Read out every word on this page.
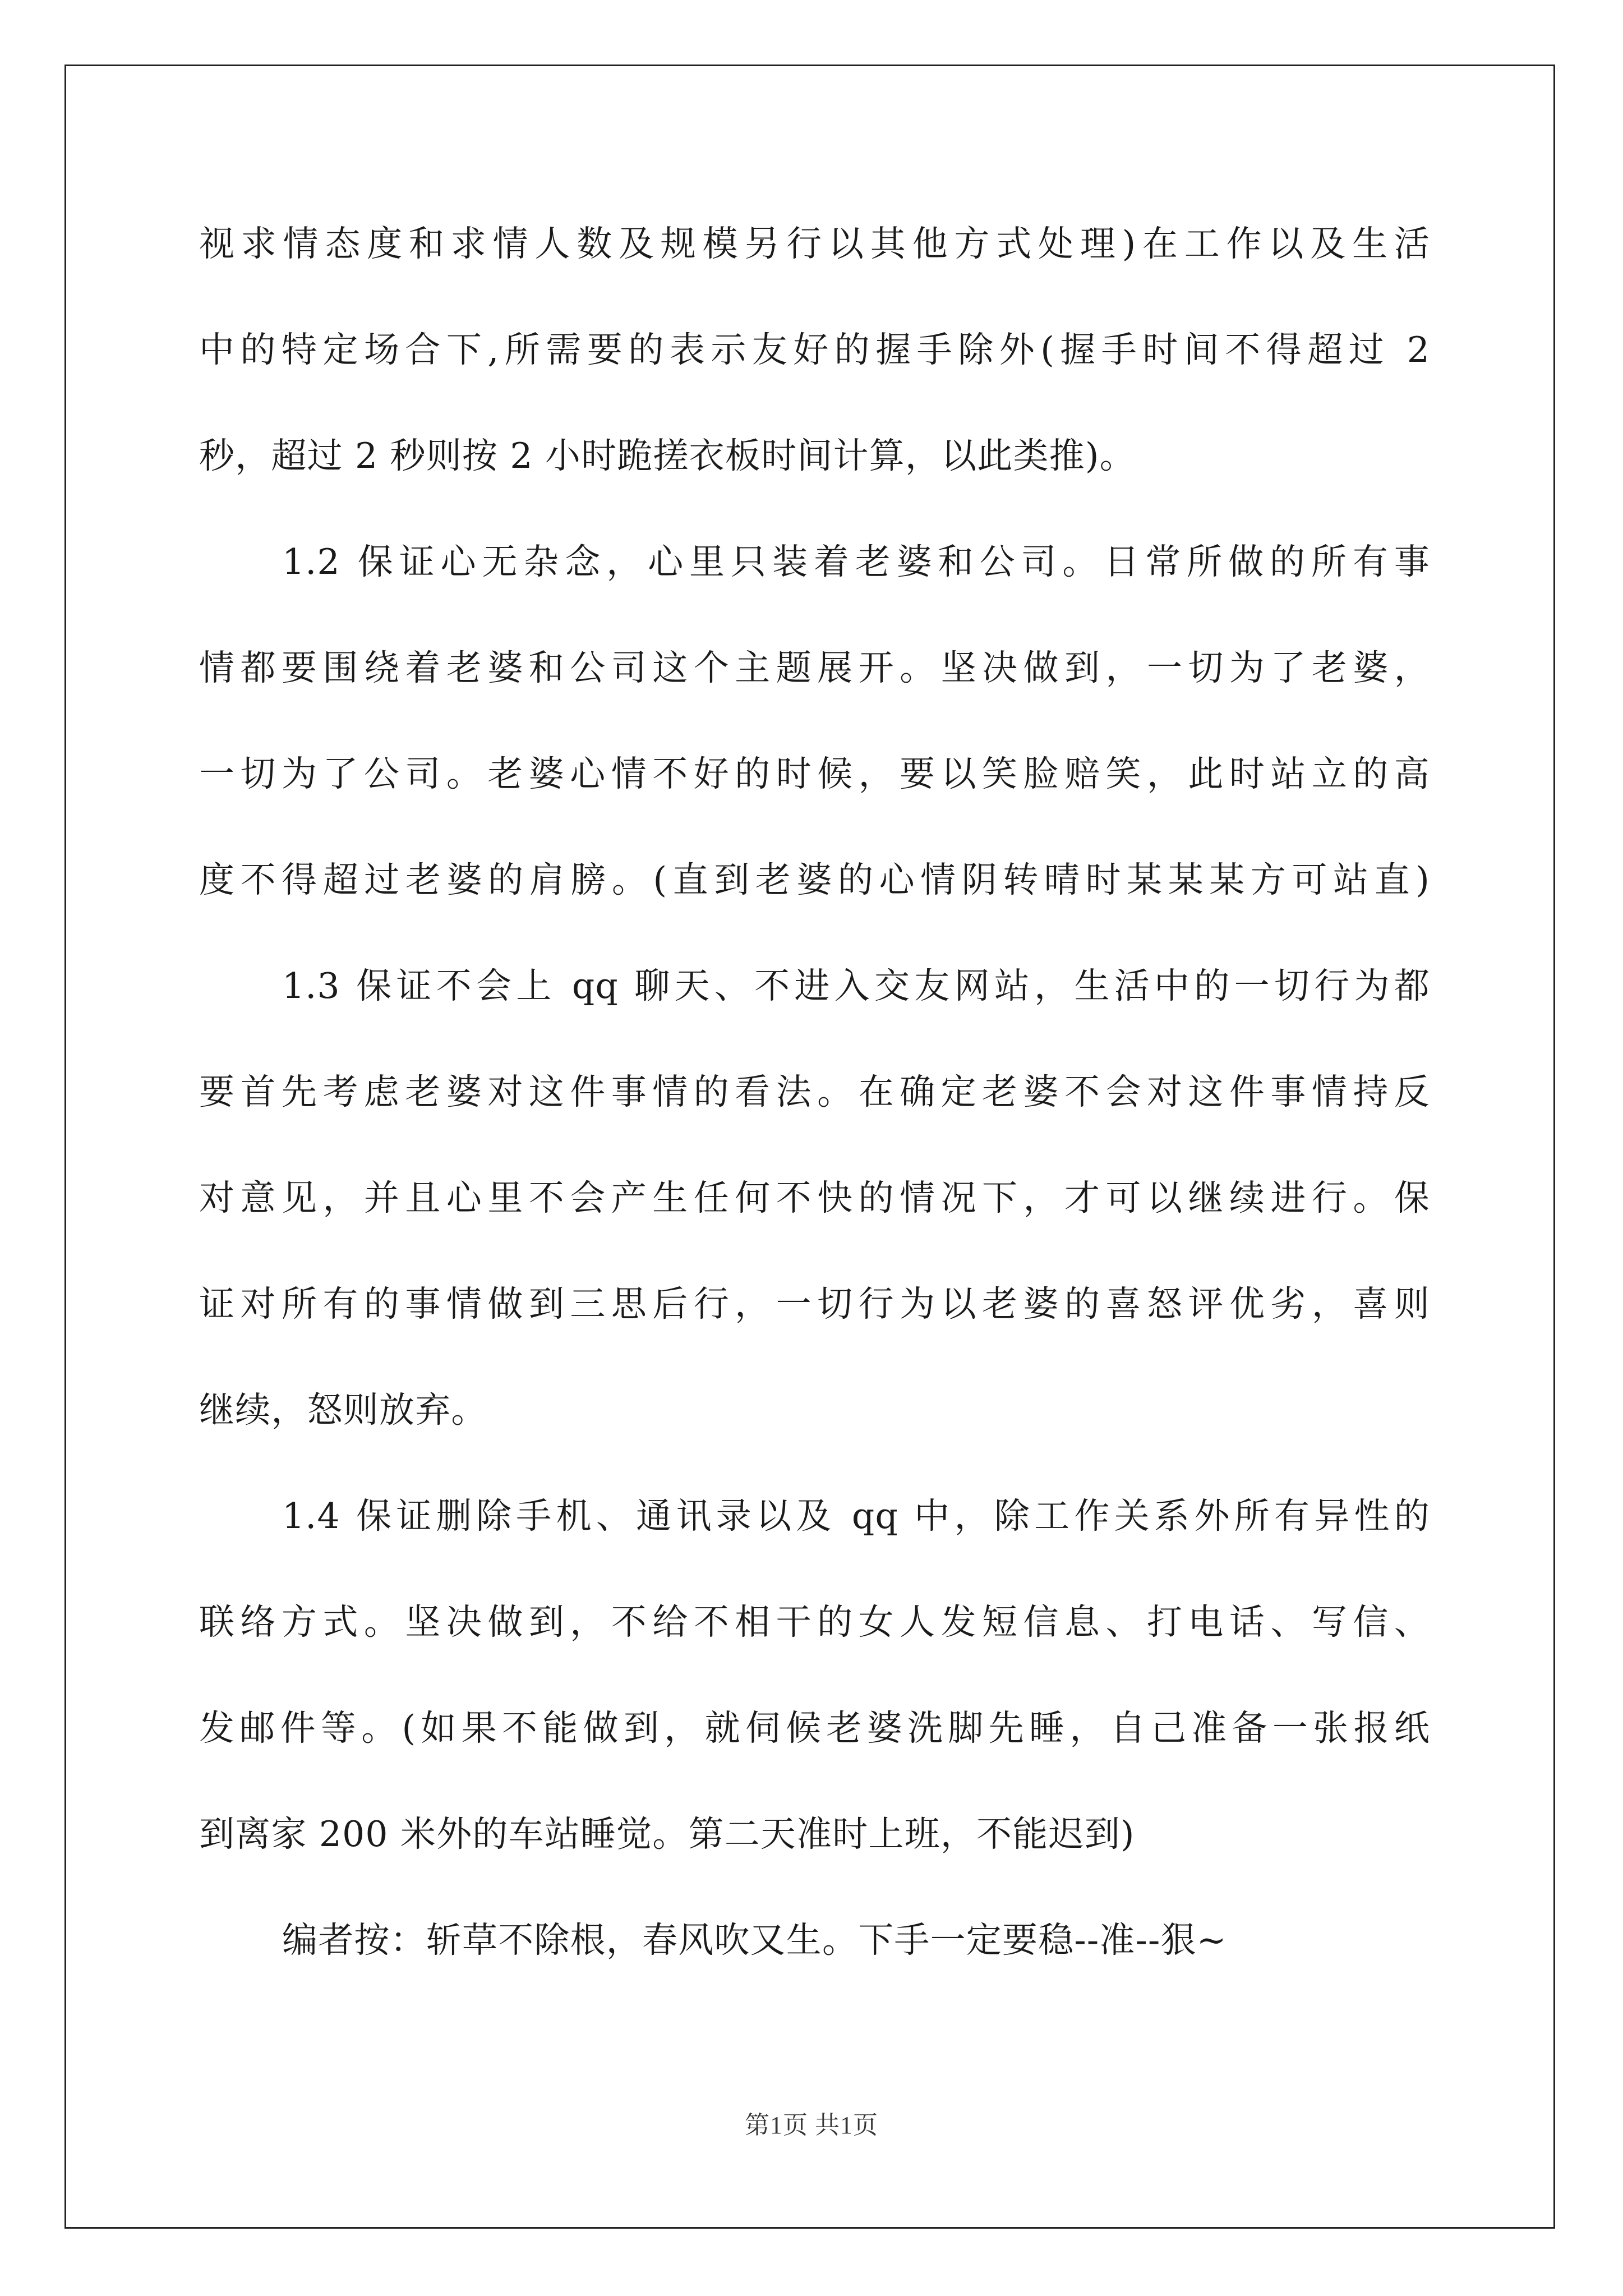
视求情态度和求情人数及规模另行以其他方式处理)在工作以及生活
中的特定场合下,所需要的表示友好的握手除外(握手时间不得超过 2
秒，超过 2 秒则按 2 小时跪搓衣板时间计算，以此类推)。
1.2 保证心无杂念，心里只装着老婆和公司。日常所做的所有事
情都要围绕着老婆和公司这个主题展开。坚决做到，一切为了老婆，
一切为了公司。老婆心情不好的时候，要以笑脸赔笑，此时站立的高
度不得超过老婆的肩膀。(直到老婆的心情阴转晴时某某某方可站直)
1.3 保证不会上 qq 聊天、不进入交友网站，生活中的一切行为都
要首先考虑老婆对这件事情的看法。在确定老婆不会对这件事情持反
对意见，并且心里不会产生任何不快的情况下，才可以继续进行。保
证对所有的事情做到三思后行，一切行为以老婆的喜怒评优劣，喜则
继续，怒则放弃。
1.4 保证删除手机、通讯录以及 qq 中，除工作关系外所有异性的
联络方式。坚决做到，不给不相干的女人发短信息、打电话、写信、
发邮件等。(如果不能做到，就伺候老婆洗脚先睡，自己准备一张报纸
到离家 200 米外的车站睡觉。第二天准时上班，不能迟到)
编者按：斩草不除根，春风吹又生。下手一定要稳--准--狠~
第1页 共1页
